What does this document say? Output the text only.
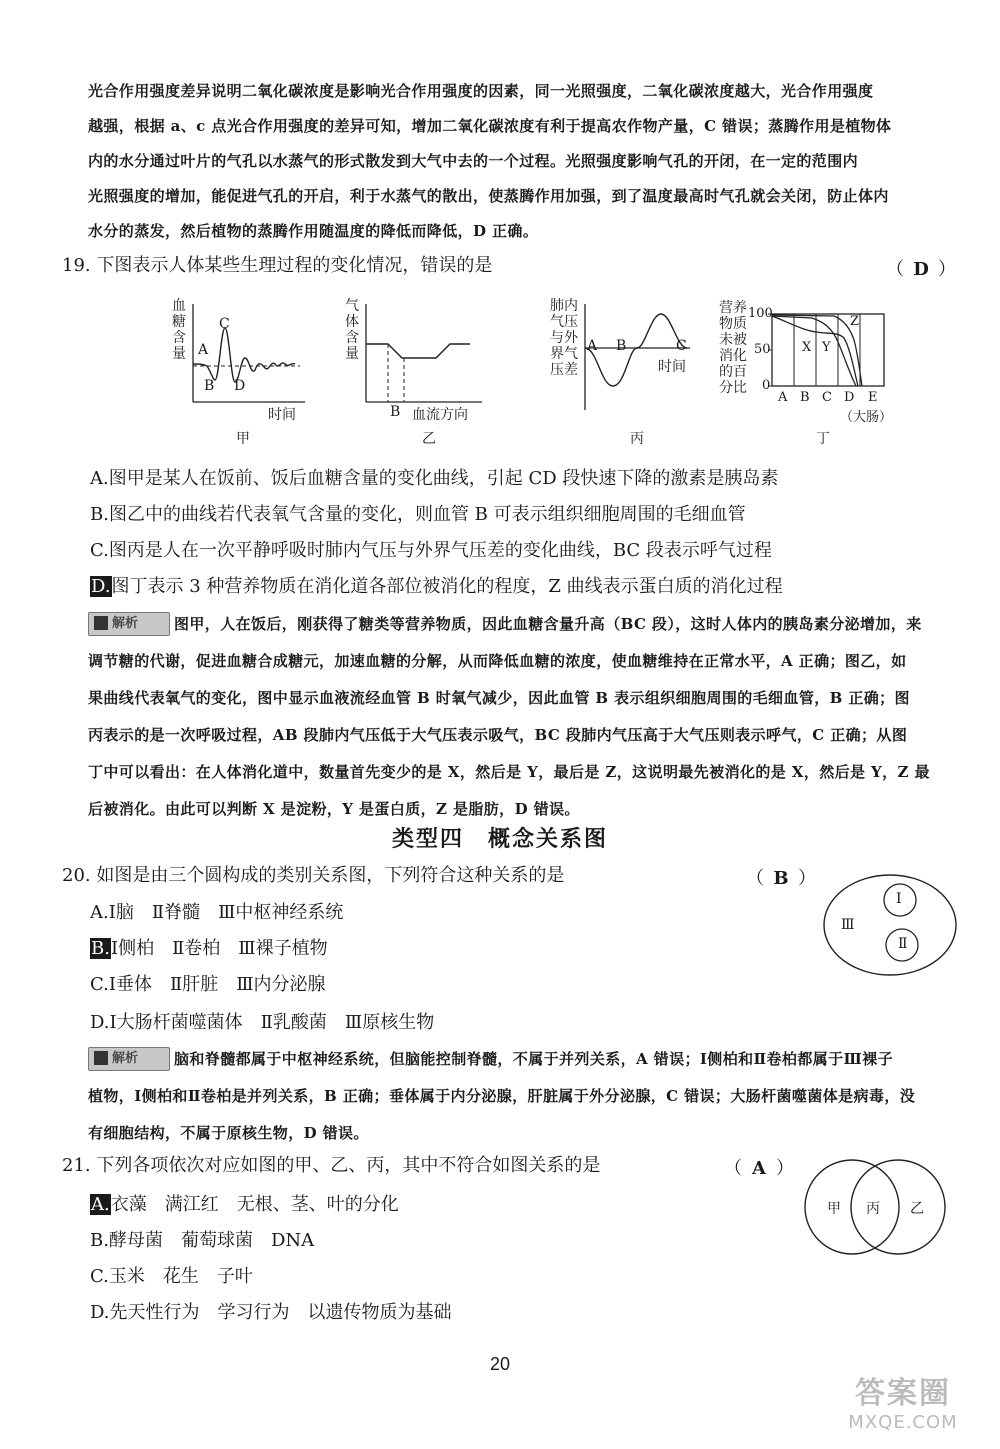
光合作用强度差异说明二氧化碳浓度是影响光合作用强度的因素，同一光照强度，二氧化碳浓度越大，光合作用强度
越强，根据 a、c 点光合作用强度的差异可知，增加二氧化碳浓度有利于提高农作物产量，C 错误；蒸腾作用是植物体
内的水分通过叶片的气孔以水蒸气的形式散发到大气中去的一个过程。光照强度影响气孔的开闭，在一定的范围内
光照强度的增加，能促进气孔的开启，利于水蒸气的散出，使蒸腾作用加强，到了温度最高时气孔就会关闭，防止体内
水分的蒸发，然后植物的蒸腾作用随温度的降低而降低，D 正确。
19. 下图表示人体某些生理过程的变化情况，错误的是	（ D ）
血糖含量 A
B
C
D
时间
甲
气体含量
B 血流方向
乙
肺内气压与外界气压差
A B	C
时间
丙
营养物质未被消化的百分比
100
50
0
A B C D E
（大肠）
X Y
Z
丁
A.图甲是某人在饭前、饭后血糖含量的变化曲线，引起 CD 段快速下降的激素是胰岛素
B.图乙中的曲线若代表氧气含量的变化，则血管 B 可表示组织细胞周围的毛细血管
C.图丙是人在一次平静呼吸时肺内气压与外界气压差的变化曲线，BC 段表示呼气过程
D.图丁表示 3 种营养物质在消化道各部位被消化的程度，Z 曲线表示蛋白质的消化过程
解析	图甲，人在饭后，刚获得了糖类等营养物质，因此血糖含量升高（BC 段），这时人体内的胰岛素分泌增加，来
调节糖的代谢，促进血糖合成糖元，加速血糖的分解，从而降低血糖的浓度，使血糖维持在正常水平，A 正确；图乙，如
果曲线代表氧气的变化，图中显示血液流经血管 B 时氧气减少，因此血管 B 表示组织细胞周围的毛细血管，B 正确；图
丙表示的是一次呼吸过程，AB 段肺内气压低于大气压表示吸气，BC 段肺内气压高于大气压则表示呼气，C 正确；从图
丁中可以看出：在人体消化道中，数量首先变少的是 X，然后是 Y，最后是 Z，这说明最先被消化的是 X，然后是 Y，Z 最
后被消化。由此可以判断 X 是淀粉，Y 是蛋白质，Z 是脂肪，D 错误。
类型四　概念关系图
20. 如图是由三个圆构成的类别关系图，下列符合这种关系的是	（ B ）
A.Ⅰ脑　Ⅱ脊髓　Ⅲ中枢神经系统
B.Ⅰ侧柏　Ⅱ卷柏　Ⅲ裸子植物
C.Ⅰ垂体　Ⅱ肝脏　Ⅲ内分泌腺
D.Ⅰ大肠杆菌噬菌体　Ⅱ乳酸菌　Ⅲ原核生物
Ⅲ
Ⅰ
Ⅱ
解析	脑和脊髓都属于中枢神经系统，但脑能控制脊髓，不属于并列关系，A 错误；Ⅰ侧柏和Ⅱ卷柏都属于Ⅲ裸子
植物，Ⅰ侧柏和Ⅱ卷柏是并列关系，B 正确；垂体属于内分泌腺，肝脏属于外分泌腺，C 错误；大肠杆菌噬菌体是病毒，没
有细胞结构，不属于原核生物，D 错误。
21. 下列各项依次对应如图的甲、乙、丙，其中不符合如图关系的是	（ A ）
A.衣藻　满江红　无根、茎、叶的分化
B.酵母菌　葡萄球菌　DNA
C.玉米　花生　子叶
D.先天性行为　学习行为　以遗传物质为基础
甲 丙 乙
20
答案圈
MXQE.COM
